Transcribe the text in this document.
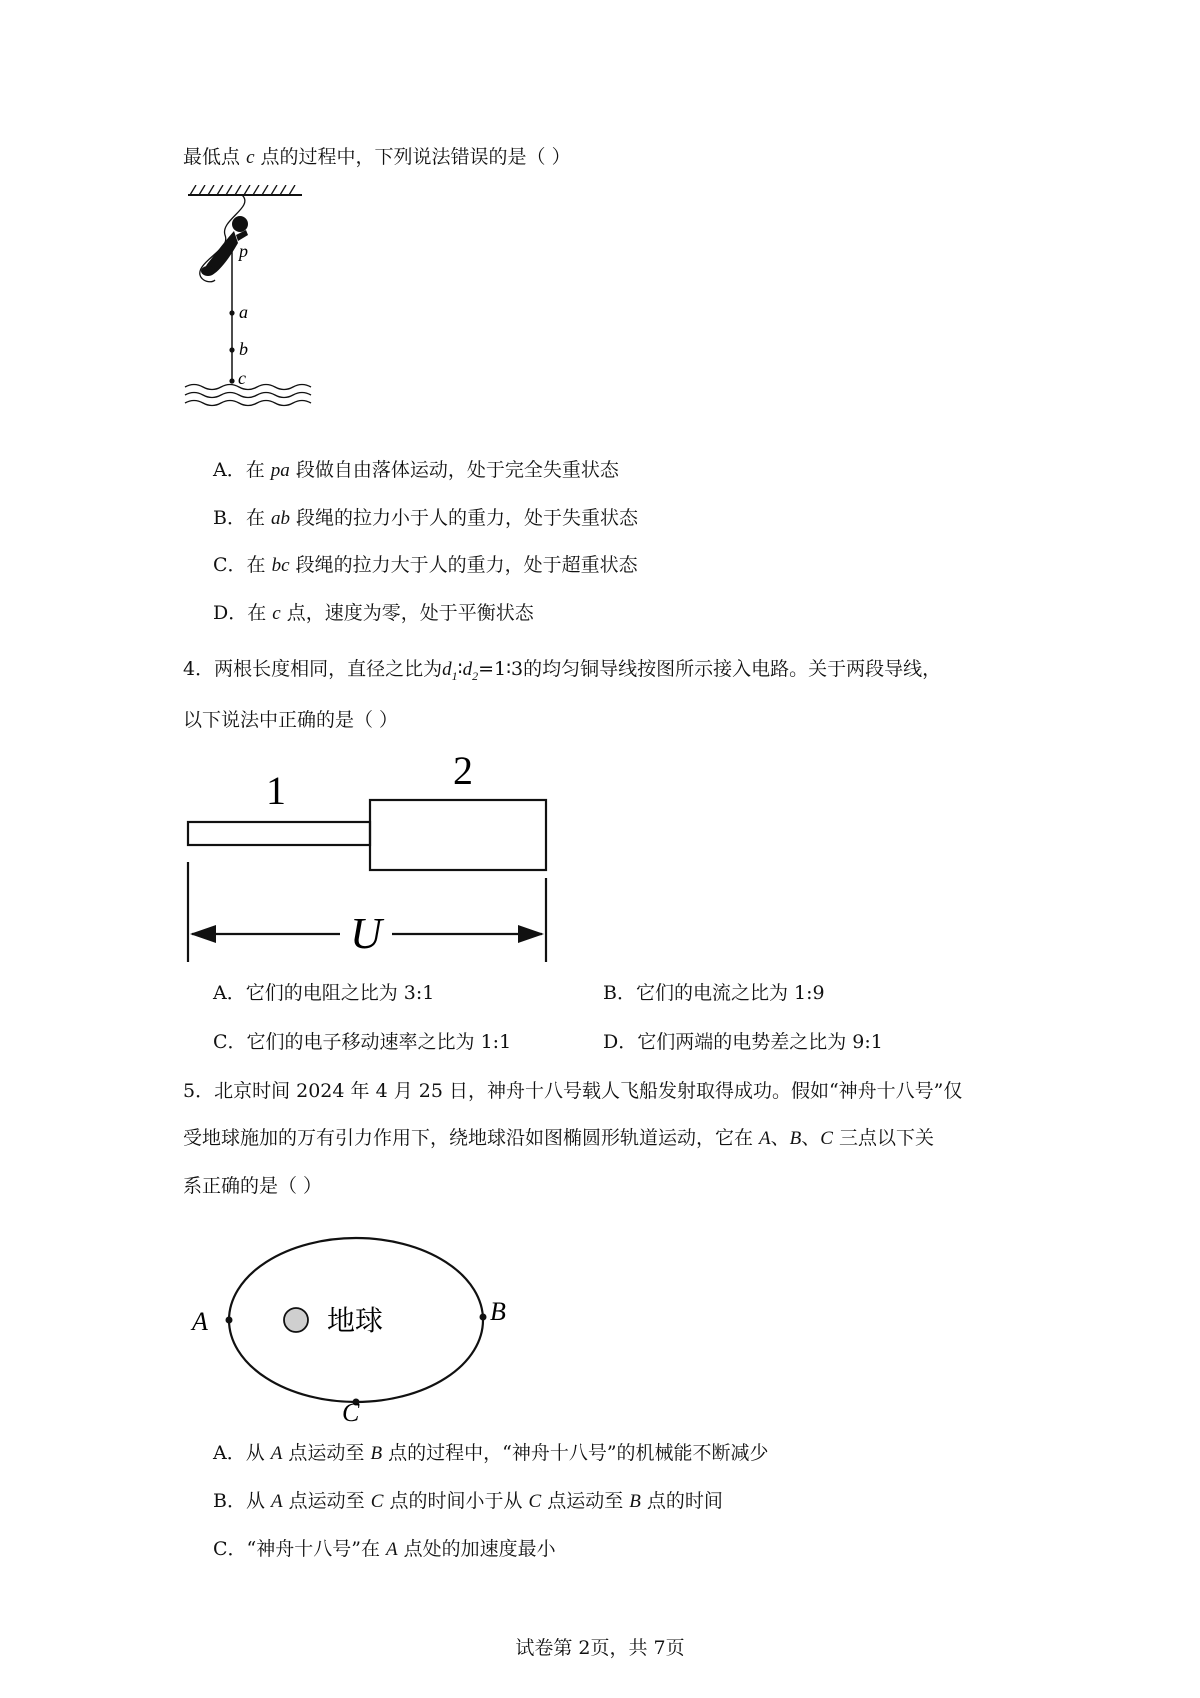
最低点 c 点的过程中，下列说法错误的是（ ）
p
a
b
c
A．在 pa 段做自由落体运动，处于完全失重状态
B．在 ab 段绳的拉力小于人的重力，处于失重状态
C．在 bc 段绳的拉力大于人的重力，处于超重状态
D．在 c 点，速度为零，处于平衡状态
4．两根长度相同，直径之比为$d_1∶d_2=1∶3$的均匀铜导线按图所示接入电路。关于两段导线，
以下说法中正确的是（ ）
1	2
U
A．它们的电阻之比为 3:1	B．它们的电流之比为 1:9
C．它们的电子移动速率之比为 1:1	D．它们两端的电势差之比为 9:1
5．北京时间 2024 年 4 月 25 日，神舟十八号载人飞船发射取得成功。假如“神舟十八号”仅
受地球施加的万有引力作用下，绕地球沿如图椭圆形轨道运动，它在 A、B、C 三点以下关
系正确的是（ ）
地球
A	B
C
A．从 A 点运动至 B 点的过程中，“神舟十八号”的机械能不断减少
B．从 A 点运动至 C 点的时间小于从 C 点运动至 B 点的时间
C．“神舟十八号”在 A 点处的加速度最小
试卷第 2页，共 7页
